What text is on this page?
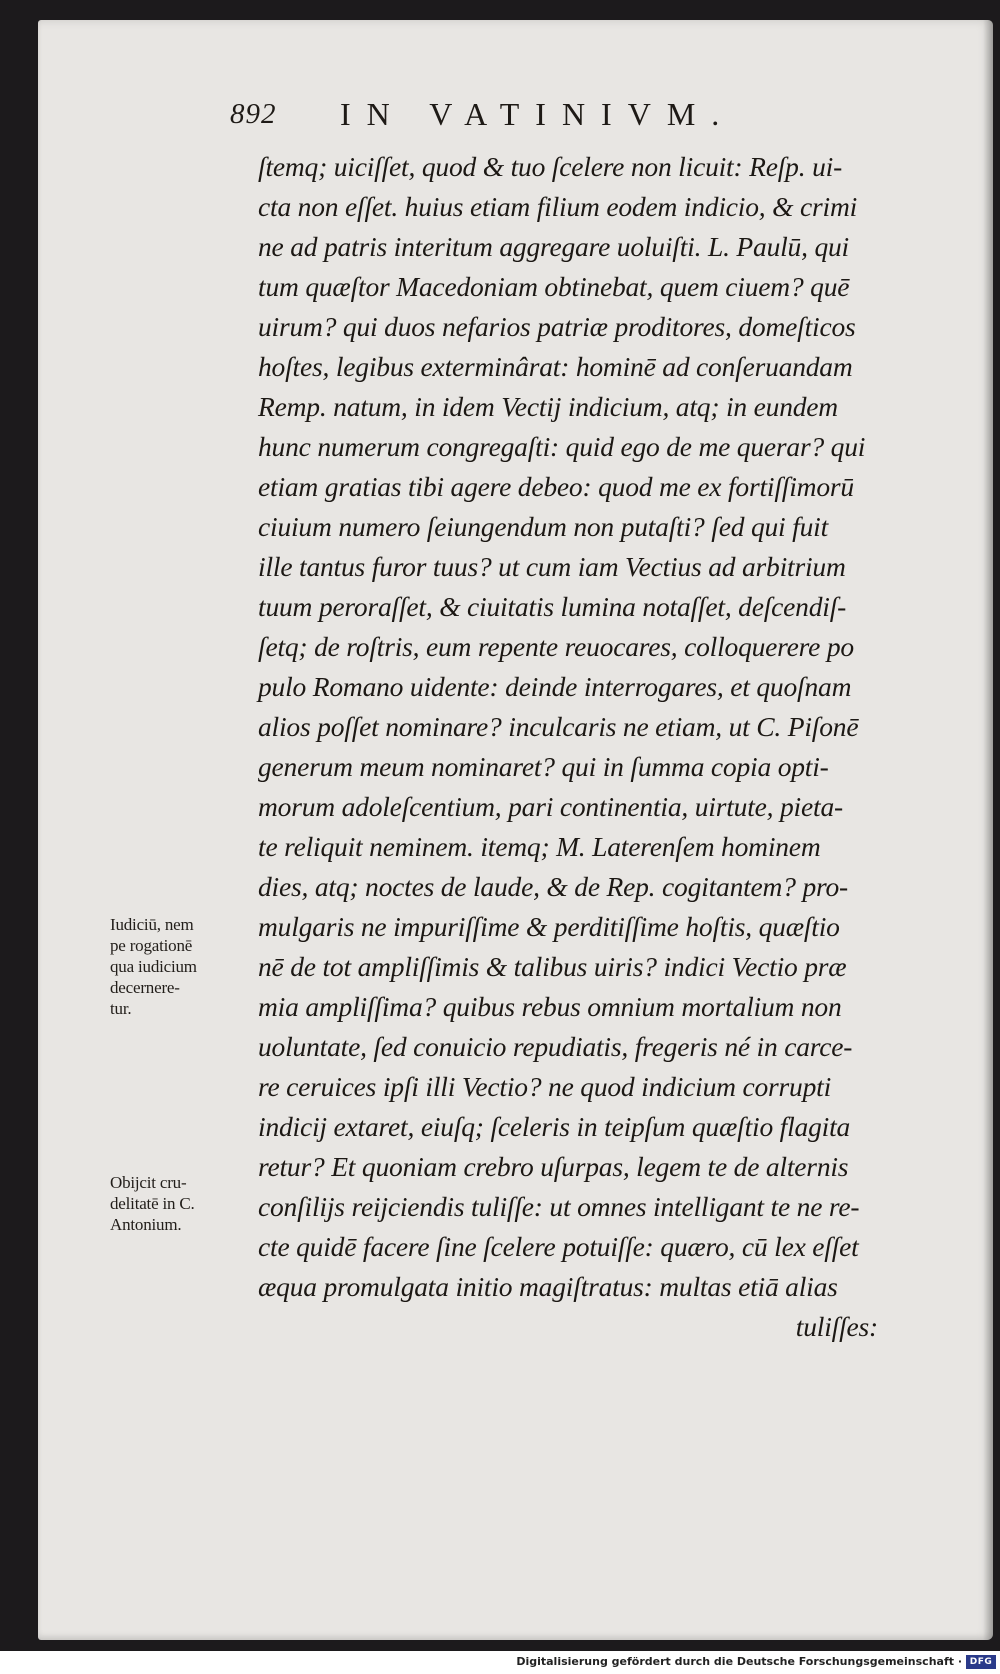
892 IN VATINIVM.
ſtemq; uiciſſet, quod & tuo ſcelere non licuit: Reſp. ui-
cta non eſſet. huius etiam filium eodem indicio, & crimi
ne ad patris interitum aggregare uoluiſti. L. Paulū, qui
tum quæſtor Macedoniam obtinebat, quem ciuem? quē
uirum? qui duos nefarios patriæ proditores, domeſticos
hoſtes, legibus exterminârat: hominē ad conſeruandam
Remp. natum, in idem Vectij indicium, atq; in eundem
hunc numerum congregaſti: quid ego de me querar? qui
etiam gratias tibi agere debeo: quod me ex fortiſſimorū
ciuium numero ſeiungendum non putaſti? ſed qui fuit
ille tantus furor tuus? ut cum iam Vectius ad arbitrium
tuum peroraſſet, & ciuitatis lumina notaſſet, deſcendiſ-
ſetq; de roſtris, eum repente reuocares, colloquerere po
pulo Romano uidente: deinde interrogares, et quoſnam
alios poſſet nominare? inculcaris ne etiam, ut C. Piſonē
generum meum nominaret? qui in ſumma copia opti-
morum adoleſcentium, pari continentia, uirtute, pieta-
te reliquit neminem. itemq; M. Laterenſem hominem
dies, atq; noctes de laude, & de Rep. cogitantem? pro-
mulgaris ne impuriſſime & perditiſſime hoſtis, quæſtio
nē de tot ampliſſimis & talibus uiris? indici Vectio præ
mia ampliſſima? quibus rebus omnium mortalium non
uoluntate, ſed conuicio repudiatis, fregeris né in carce-
re ceruices ipſi illi Vectio? ne quod indicium corrupti
indicij extaret, eiuſq; ſceleris in teipſum quæſtio flagita
retur? Et quoniam crebro uſurpas, legem te de alternis
conſilijs reijciendis tuliſſe: ut omnes intelligant te ne re-
cte quidē facere ſine ſcelere potuiſſe: quæro, cū lex eſſet
æqua promulgata initio magiſtratus: multas etiā alias
tuliſſes:
Iudiciū, nem
pe rogationē
qua iudicium
decernere-
tur.
Obijcit cru-
delitatē in C.
Antonium.
Digitalisierung gefördert durch die Deutsche Forschungsgemeinschaft · DFG
